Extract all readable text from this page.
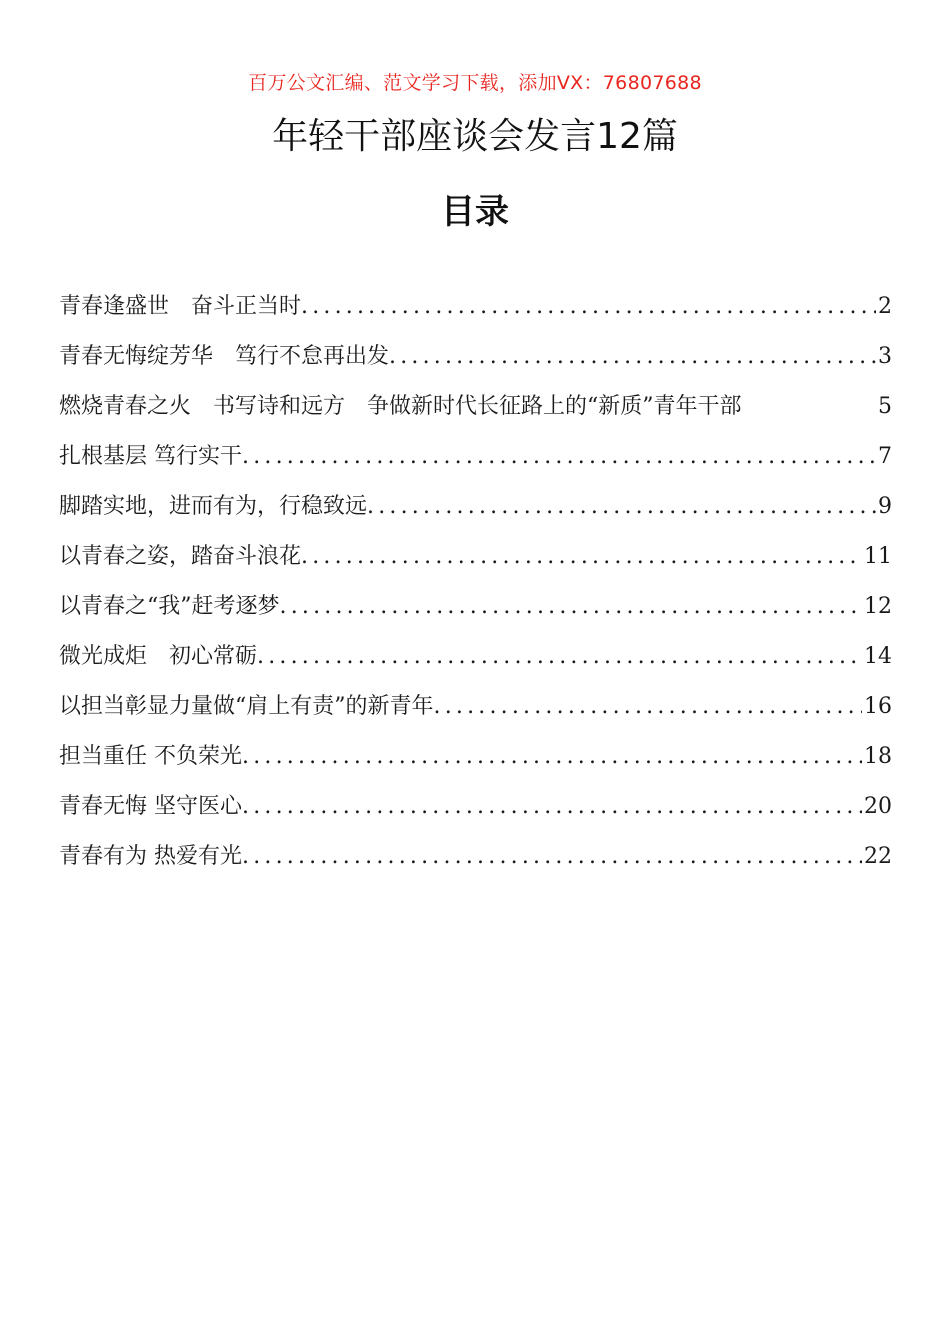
百万公文汇编、范文学习下载，添加VX：76807688
年轻干部座谈会发言12篇
目录
青春逢盛世　奋斗正当时 .....	2
青春无悔绽芳华　笃行不怠再出发 .....	3
燃烧青春之火　书写诗和远方　争做新时代长征路上的“新质”青年干部	5
扎根基层 笃行实干 .....	7
脚踏实地，进而有为，行稳致远 .....	9
以青春之姿，踏奋斗浪花 .....	11
以青春之“我”赶考逐梦 .....	12
微光成炬　初心常砺 .....	14
以担当彰显力量做“肩上有责”的新青年 .....	16
担当重任 不负荣光 .....	18
青春无悔 坚守医心 .....	20
青春有为 热爱有光 .....	22
